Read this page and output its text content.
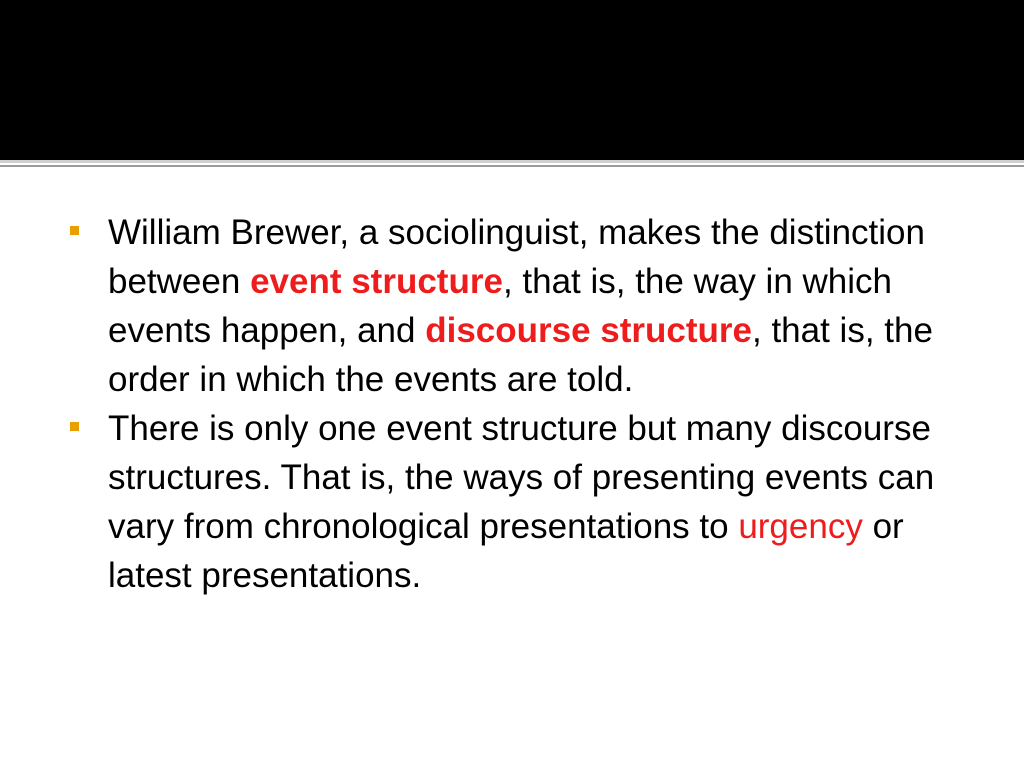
William Brewer, a sociolinguist, makes the distinction between event structure, that is, the way in which events happen, and discourse structure, that is, the order in which the events are told.
There is only one event structure but many discourse structures. That is, the ways of presenting events can vary from chronological presentations to urgency or latest presentations.
